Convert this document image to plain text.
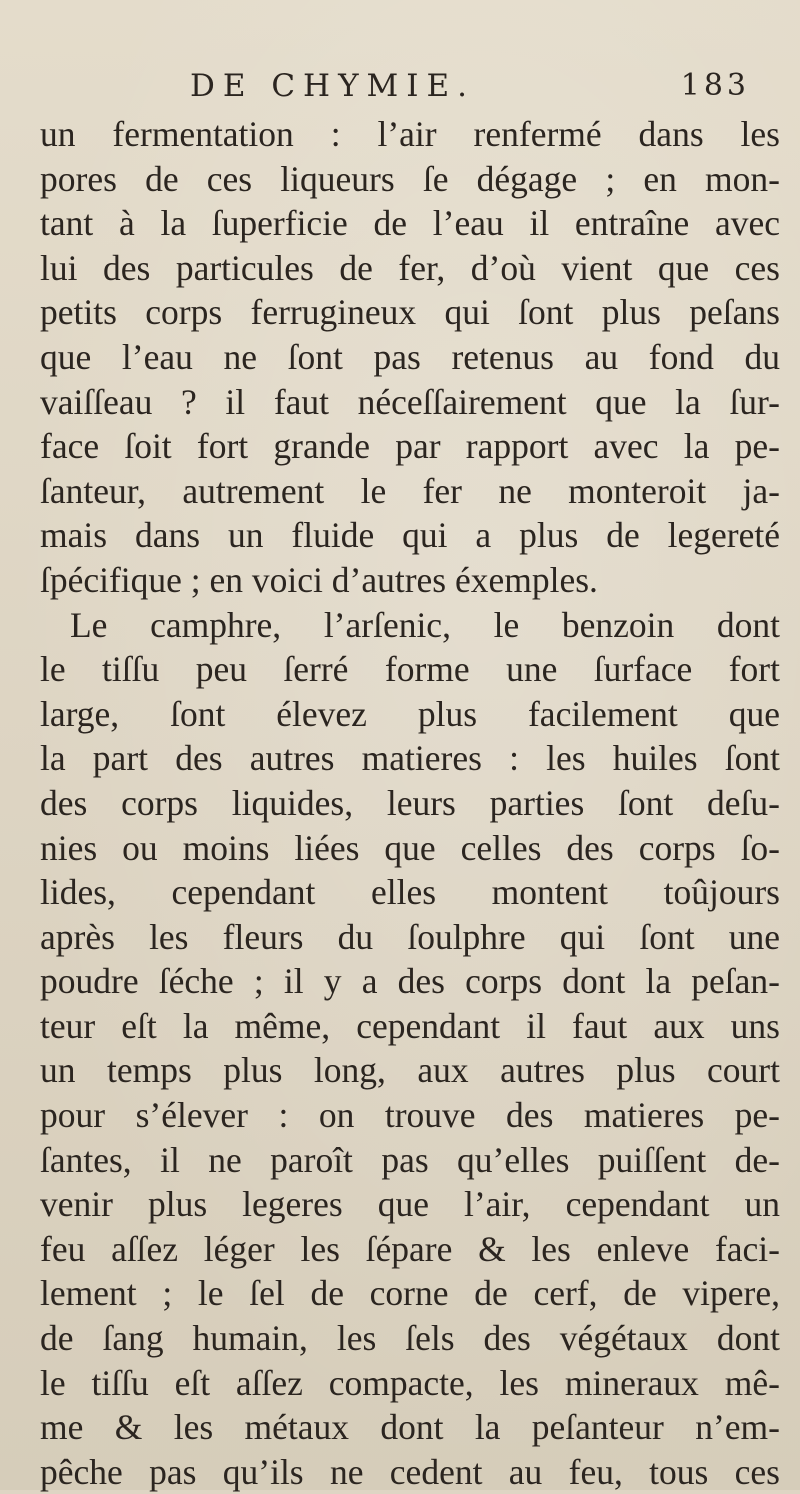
DE CHYMIE.	183
un fermentation : l’air renfermé dans les
pores de ces liqueurs ſe dégage ; en mon-
tant à la ſuperficie de l’eau il entraîne avec
lui des particules de fer, d’où vient que ces
petits corps ferrugineux qui ſont plus peſans
que l’eau ne ſont pas retenus au fond du
vaiſſeau ? il faut néceſſairement que la ſur-
face ſoit fort grande par rapport avec la pe-
ſanteur, autrement le fer ne monteroit ja-
mais dans un fluide qui a plus de legereté
ſpécifique ; en voici d’autres éxemples.
Le camphre, l’arſenic, le benzoin dont
le tiſſu peu ſerré forme une ſurface fort
large, ſont élevez plus facilement que
la part des autres matieres : les huiles ſont
des corps liquides, leurs parties ſont deſu-
nies ou moins liées que celles des corps ſo-
lides, cependant elles montent toûjours
après les fleurs du ſoulphre qui ſont une
poudre ſéche ; il y a des corps dont la peſan-
teur eſt la même, cependant il faut aux uns
un temps plus long, aux autres plus court
pour s’élever : on trouve des matieres pe-
ſantes, il ne paroît pas qu’elles puiſſent de-
venir plus legeres que l’air, cependant un
feu aſſez léger les ſépare & les enleve faci-
lement ; le ſel de corne de cerf, de vipere,
de ſang humain, les ſels des végétaux dont
le tiſſu eſt aſſez compacte, les mineraux mê-
me & les métaux dont la peſanteur n’em-
pêche pas qu’ils ne cedent au feu, tous ces
